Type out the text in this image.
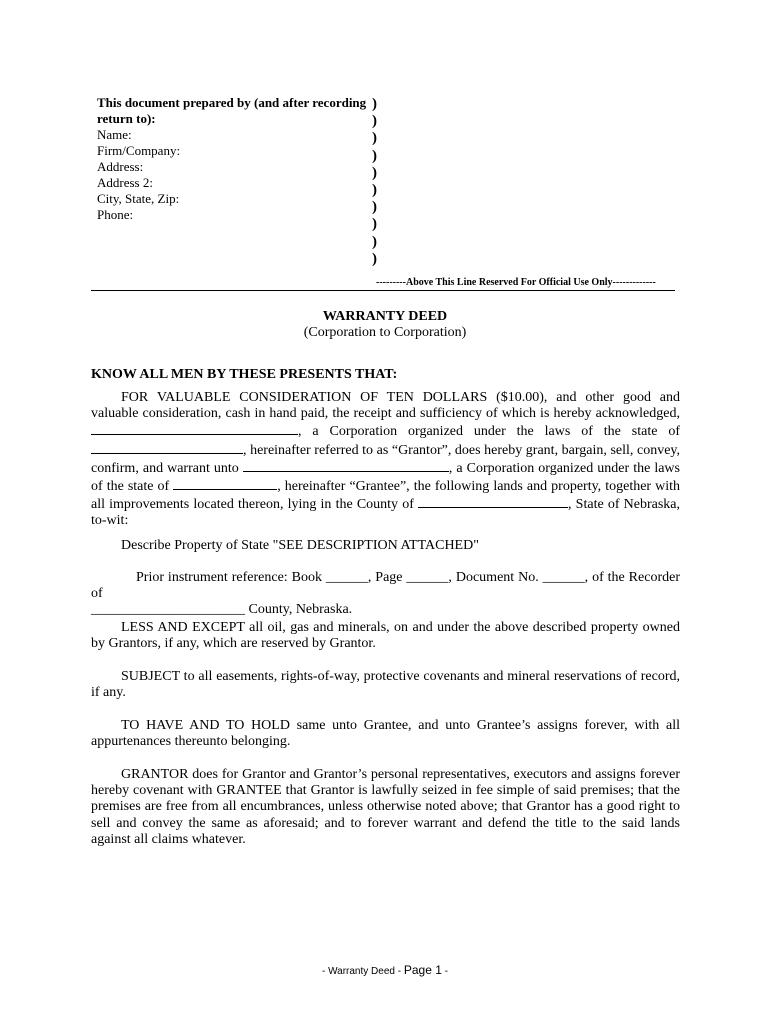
This document prepared by (and after recording
return to):
Name:
Firm/Company:
Address:
Address 2:
City, State, Zip:
Phone:
)
)
)
)
)
)
)
)
)
)
---------Above This Line Reserved For Official Use Only-------------
WARRANTY DEED
(Corporation to Corporation)
KNOW ALL MEN BY THESE PRESENTS THAT:
FOR VALUABLE CONSIDERATION OF TEN DOLLARS ($10.00), and other good and
valuable consideration, cash in hand paid, the receipt and sufficiency of which is hereby acknowledged,
, a Corporation organized under the laws of the state of
, hereinafter referred to as “Grantor”, does hereby grant, bargain, sell, convey,
confirm, and warrant unto	, a Corporation organized under the laws
of the state of	, hereinafter “Grantee”, the following lands and property, together with
all improvements located thereon, lying in the County of	, State of Nebraska,
to-wit:
Describe Property of State "SEE DESCRIPTION ATTACHED"
Prior instrument reference: Book ______, Page ______, Document No. ______, of the Recorder of
______________________ County, Nebraska.
LESS AND EXCEPT all oil, gas and minerals, on and under the above described property owned by Grantors, if any, which are reserved by Grantor.
SUBJECT to all easements, rights-of-way, protective covenants and mineral reservations of record, if any.
TO HAVE AND TO HOLD same unto Grantee, and unto Grantee’s assigns forever, with all appurtenances thereunto belonging.
GRANTOR does for Grantor and Grantor’s personal representatives, executors and assigns forever hereby covenant with GRANTEE that Grantor is lawfully seized in fee simple of said premises; that the premises are free from all encumbrances, unless otherwise noted above; that Grantor has a good right to sell and convey the same as aforesaid; and to forever warrant and defend the title to the said lands against all claims whatever.
- Warranty Deed - Page 1 -
